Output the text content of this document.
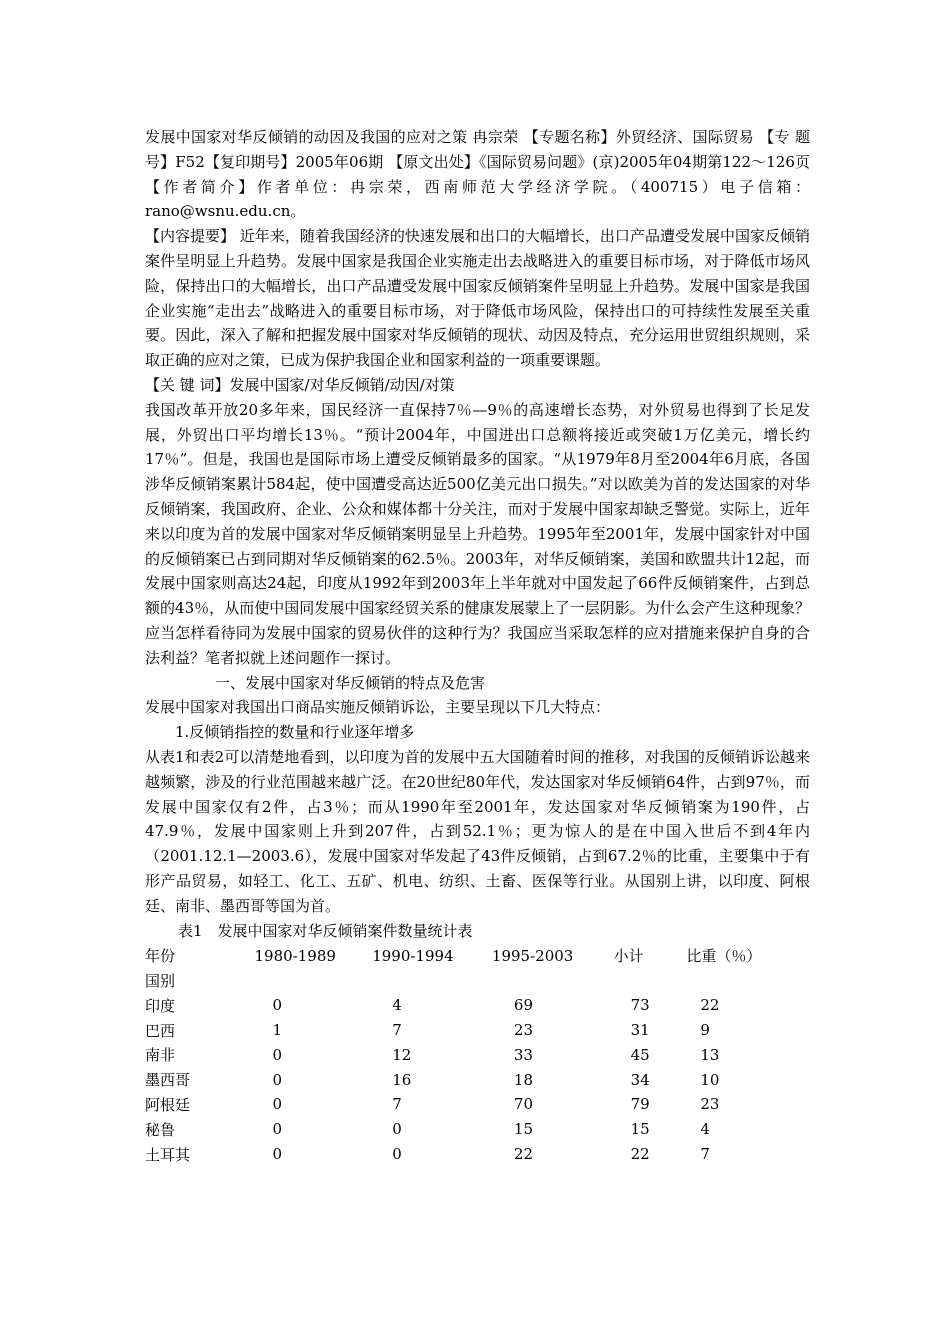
发展中国家对华反倾销的动因及我国的应对之策 冉宗荣 【专题名称】外贸经济、国际贸易 【专 题 号】F52【复印期号】2005年06期 【原文出处】《国际贸易问题》(京)2005年04期第122～126页 【作者简介】作者单位：冉宗荣，西南师范大学经济学院。（400715）电子信箱：rano@wsnu.edu.cn。

【内容提要】 近年来，随着我国经济的快速发展和出口的大幅增长，出口产品遭受发展中国家反倾销案件呈明显上升趋势。发展中国家是我国企业实施走出去战略进入的重要目标市场，对于降低市场风险，保持出口的大幅增长，出口产品遭受发展中国家反倾销案件呈明显上升趋势。发展中国家是我国企业实施“走出去”战略进入的重要目标市场，对于降低市场风险，保持出口的可持续性发展至关重要。因此，深入了解和把握发展中国家对华反倾销的现状、动因及特点，充分运用世贸组织规则，采取正确的应对之策，已成为保护我国企业和国家利益的一项重要课题。

【关 键 词】发展中国家/对华反倾销/动因/对策

我国改革开放20多年来，国民经济一直保持7％—9％的高速增长态势，对外贸易也得到了长足发展，外贸出口平均增长13％。“预计2004年，中国进出口总额将接近或突破1万亿美元，增长约17％”。但是，我国也是国际市场上遭受反倾销最多的国家。“从1979年8月至2004年6月底，各国涉华反倾销案累计584起，使中国遭受高达近500亿美元出口损失。”对以欧美为首的发达国家的对华反倾销案，我国政府、企业、公众和媒体都十分关注，而对于发展中国家却缺乏警觉。实际上，近年来以印度为首的发展中国家对华反倾销案明显呈上升趋势。1995年至2001年，发展中国家针对中国的反倾销案已占到同期对华反倾销案的62.5％。2003年，对华反倾销案，美国和欧盟共计12起，而发展中国家则高达24起，印度从1992年到2003年上半年就对中国发起了66件反倾销案件，占到总额的43％，从而使中国同发展中国家经贸关系的健康发展蒙上了一层阴影。为什么会产生这种现象？应当怎样看待同为发展中国家的贸易伙伴的这种行为？我国应当采取怎样的应对措施来保护自身的合法利益？笔者拟就上述问题作一探讨。

一、发展中国家对华反倾销的特点及危害

发展中国家对我国出口商品实施反倾销诉讼，主要呈现以下几大特点：

1.反倾销指控的数量和行业逐年增多

从表1和表2可以清楚地看到，以印度为首的发展中五大国随着时间的推移，对我国的反倾销诉讼越来越频繁，涉及的行业范围越来越广泛。在20世纪80年代，发达国家对华反倾销64件，占到97％，而发展中国家仅有2件，占3％；而从1990年至2001年，发达国家对华反倾销案为190件，占47.9％，发展中国家则上升到207件，占到52.1％；更为惊人的是在中国入世后不到4年内（2001.12.1—2003.6），发展中国家对华发起了43件反倾销，占到67.2％的比重，主要集中于有形产品贸易，如轻工、化工、五矿、机电、纺织、土畜、医保等行业。从国别上讲，以印度、阿根廷、南非、墨西哥等国为首。

表1　发展中国家对华反倾销案件数量统计表

年份	1980-1989	1990-1994	1995-2003	小计	比重（％）
国别					
印度	0	4	69	73	22
巴西	1	7	23	31	9
南非	0	12	33	45	13
墨西哥	0	16	18	34	10
阿根廷	0	7	70	79	23
秘鲁	0	0	15	15	4
土耳其	0	0	22	22	7
